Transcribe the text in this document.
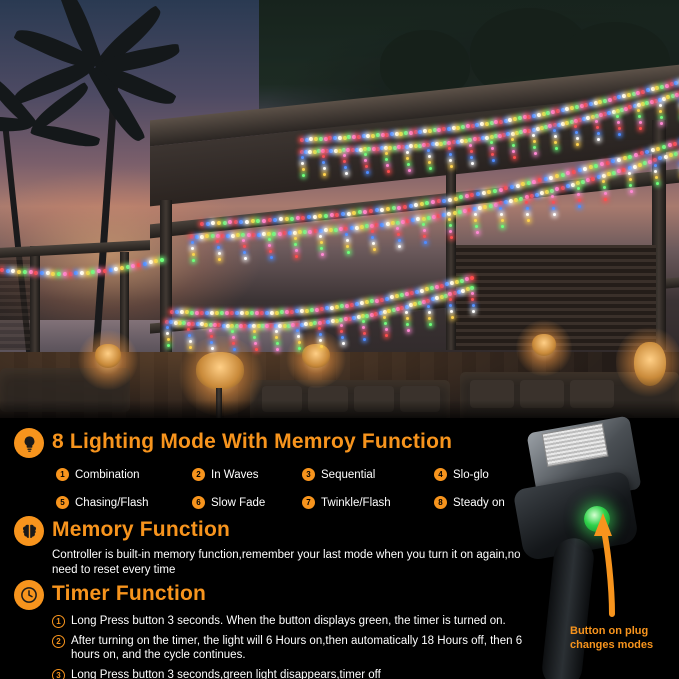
8 Lighting Mode With Memroy Function
1 Combination	2 In Waves	3 Sequential	4 Slo-glo
5 Chasing/Flash	6 Slow Fade	7 Twinkle/Flash	8 Steady on
Memory Function
Controller is built-in memory function,remember your last mode when you turn it on again,no need to reset every time
Timer Function
1 Long Press button 3 seconds. When the button displays green, the timer is turned on.
2 After turning on the timer, the light will 6 Hours on,then automatically 18 Hours off, then 6 hours on, and the cycle continues.
3 Long Press button 3 seconds,green light disappears,timer off
Button on plug changes modes
